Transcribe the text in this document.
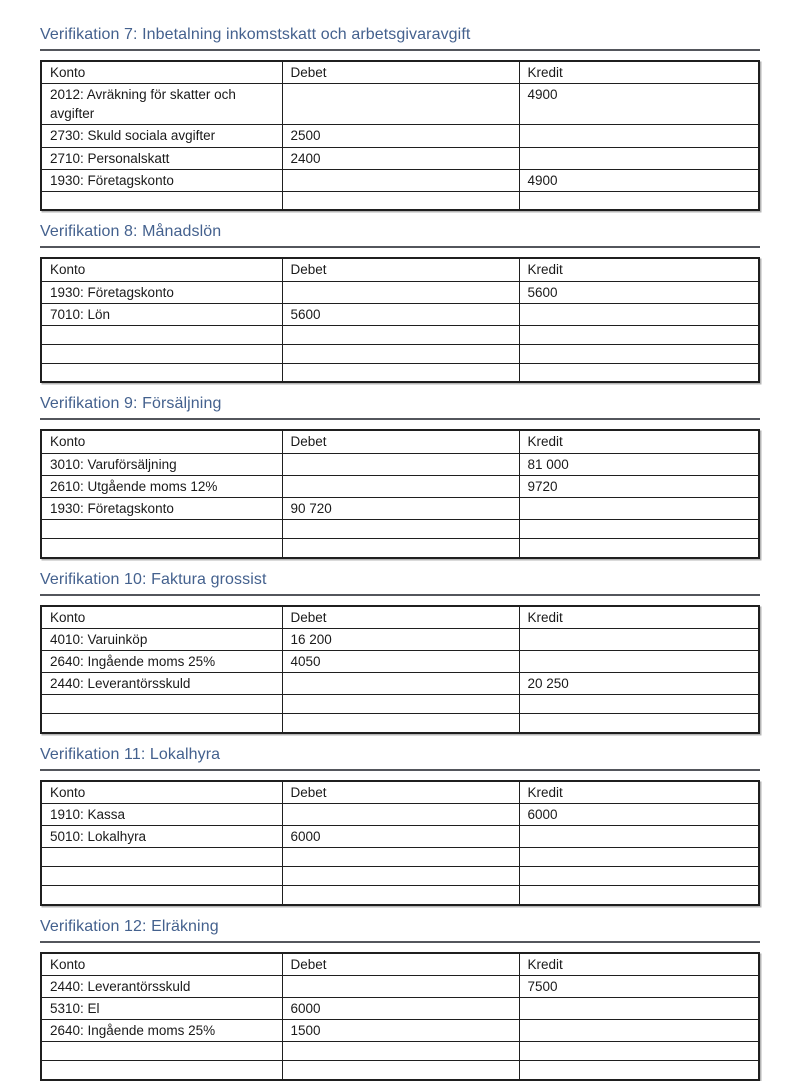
Verifikation 7: Inbetalning inkomstskatt och arbetsgivaravgift
Konto	Debet	Kredit
2012: Avräkning för skatter och avgifter		4900
2730: Skuld sociala avgifter	2500	
2710: Personalskatt	2400	
1930: Företagskonto		4900

Verifikation 8: Månadslön
Konto	Debet	Kredit
1930: Företagskonto		5600
7010: Lön	5600	

Verifikation 9: Försäljning
Konto	Debet	Kredit
3010: Varuförsäljning		81 000
2610: Utgående moms 12%		9720
1930: Företagskonto	90 720	

Verifikation 10: Faktura grossist
Konto	Debet	Kredit
4010: Varuinköp	16 200	
2640: Ingående moms 25%	4050	
2440: Leverantörsskuld		20 250

Verifikation 11: Lokalhyra
Konto	Debet	Kredit
1910: Kassa		6000
5010: Lokalhyra	6000	

Verifikation 12: Elräkning
Konto	Debet	Kredit
2440: Leverantörsskuld		7500
5310: El	6000	
2640: Ingående moms 25%	1500	
